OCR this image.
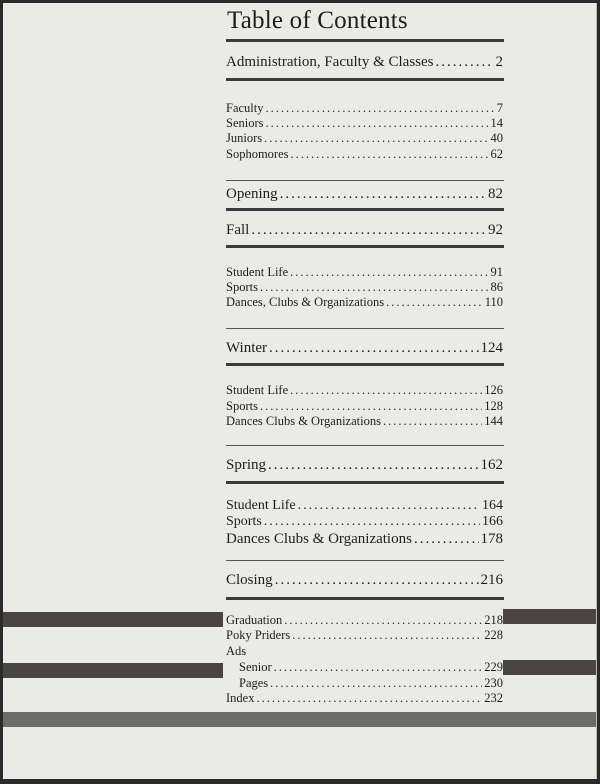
Table of Contents
Administration, Faculty & Classes .....	2
Faculty .....	7
Seniors .....	14
Juniors .....	40
Sophomores .....	62
Opening .....	82
Fall .....	92
Student Life .....	91
Sports .....	86
Dances, Clubs & Organizations .....	110
Winter .....	124
Student Life .....	126
Sports .....	128
Dances Clubs & Organizations .....	144
Spring .....	162
Student Life .....	164
Sports .....	166
Dances Clubs & Organizations .....	178
Closing .....	216
Graduation .....	218
Poky Priders .....	228
Ads
Senior .....	229
Pages .....	230
Index .....	232
